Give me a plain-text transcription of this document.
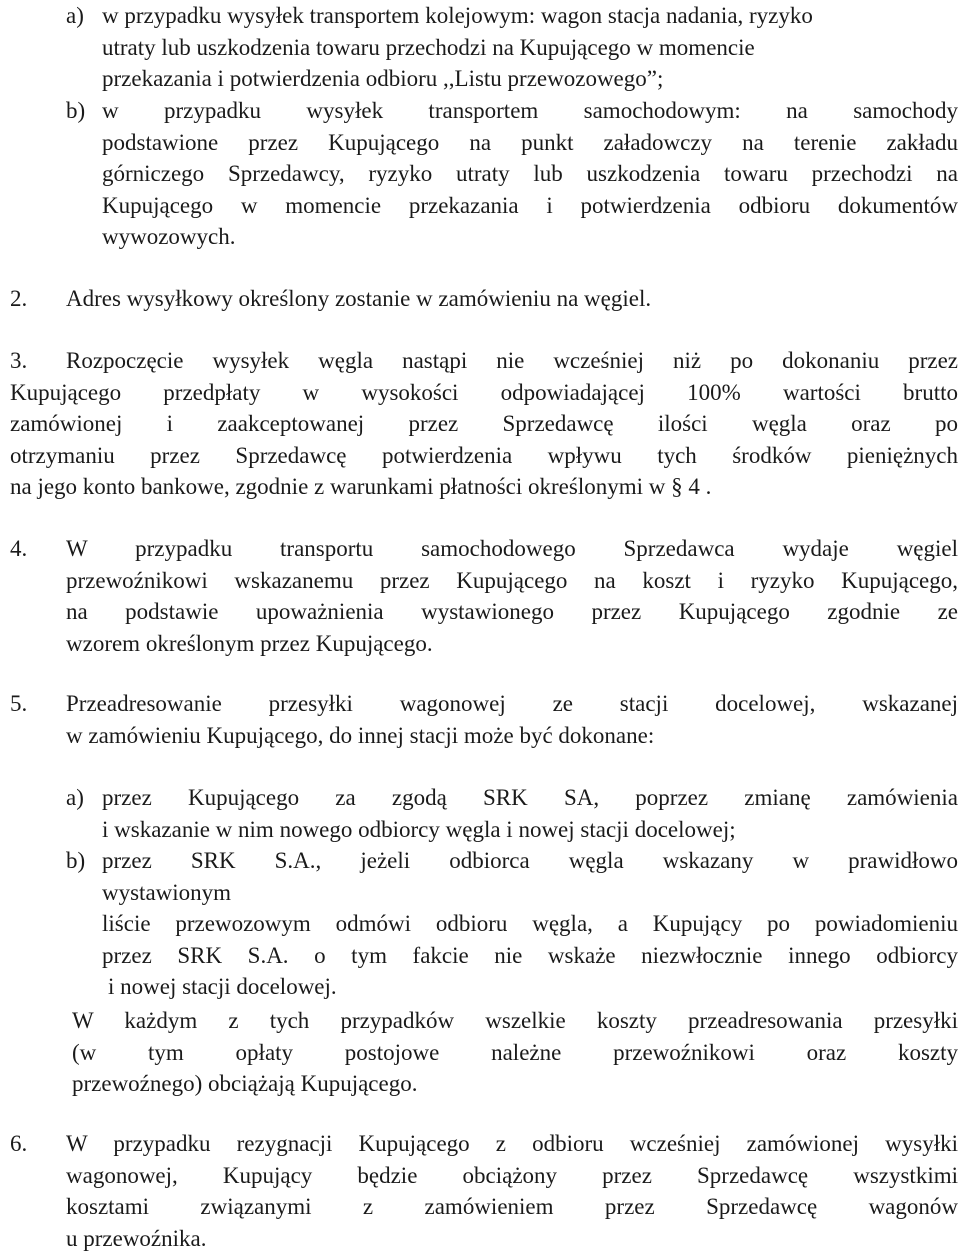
a) w przypadku wysyłek transportem kolejowym: wagon stacja nadania, ryzyko
utraty lub uszkodzenia towaru przechodzi na Kupującego w momencie
przekazania i potwierdzenia odbioru ,,Listu przewozowego”;
b) w przypadku wysyłek transportem samochodowym: na samochody
podstawione przez Kupującego na punkt załadowczy na terenie zakładu
górniczego Sprzedawcy, ryzyko utraty lub uszkodzenia towaru przechodzi na
Kupującego w momencie przekazania i potwierdzenia odbioru dokumentów
wywozowych.
2. Adres wysyłkowy określony zostanie w zamówieniu na węgiel.
3.	Rozpoczęcie wysyłek węgla nastąpi nie wcześniej niż po dokonaniu przez
Kupującego przedpłaty w wysokości odpowiadającej 100% wartości brutto
zamówionej i zaakceptowanej przez Sprzedawcę ilości węgla oraz po
otrzymaniu przez Sprzedawcę potwierdzenia wpływu tych środków pieniężnych
na jego konto bankowe, zgodnie z warunkami płatności określonymi w § 4 .
4. W przypadku transportu samochodowego Sprzedawca wydaje węgiel
przewoźnikowi wskazanemu przez Kupującego na koszt i ryzyko Kupującego,
na podstawie upoważnienia wystawionego przez Kupującego zgodnie ze
wzorem określonym przez Kupującego.
5. Przeadresowanie przesyłki wagonowej ze stacji docelowej, wskazanej
w zamówieniu Kupującego, do innej stacji może być dokonane:
a) przez Kupującego za zgodą SRK SA, poprzez zmianę zamówienia
i wskazanie w nim nowego odbiorcy węgla i nowej stacji docelowej;
b) przez SRK S.A., jeżeli odbiorca węgla wskazany w prawidłowo
wystawionym
liście przewozowym odmówi odbioru węgla, a Kupujący po powiadomieniu
przez SRK S.A. o tym fakcie nie wskaże niezwłocznie innego odbiorcy
i nowej stacji docelowej.
W każdym z tych przypadków wszelkie koszty przeadresowania przesyłki
(w tym opłaty postojowe należne przewoźnikowi oraz koszty
przewoźnego) obciążają Kupującego.
6. W przypadku rezygnacji Kupującego z odbioru wcześniej zamówionej wysyłki
wagonowej, Kupujący będzie obciążony przez Sprzedawcę wszystkimi
kosztami związanymi z zamówieniem przez Sprzedawcę wagonów
u przewoźnika.
